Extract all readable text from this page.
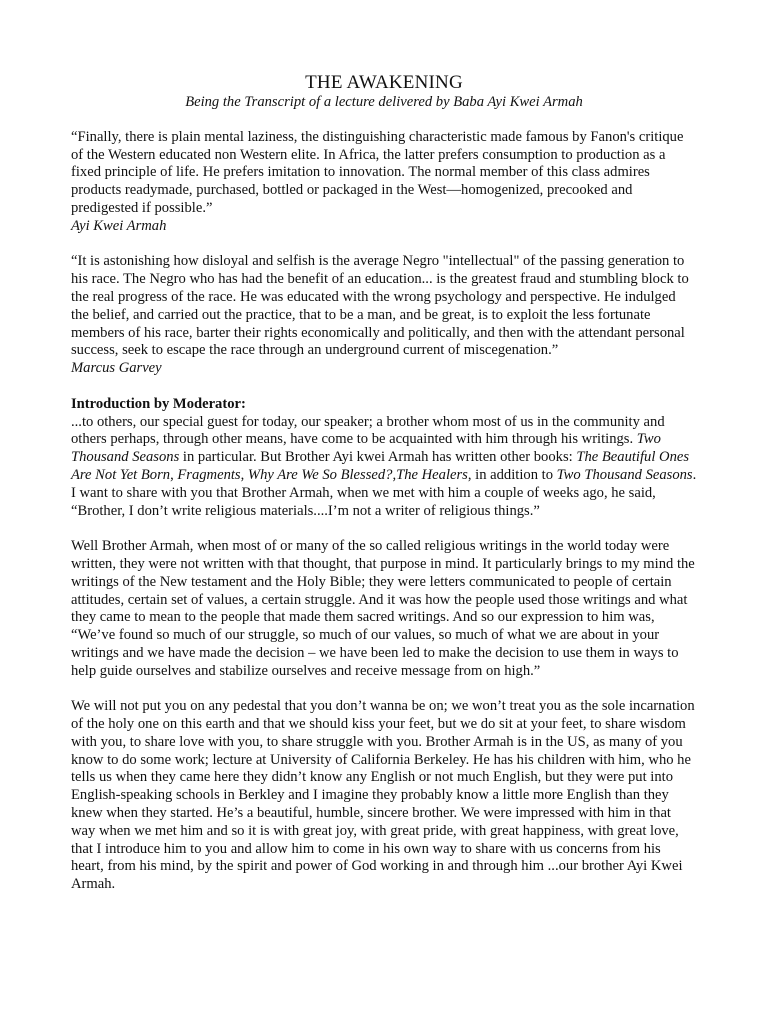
THE AWAKENING

Being the Transcript of a lecture delivered by Baba Ayi Kwei Armah

“Finally, there is plain mental laziness, the distinguishing characteristic made famous by Fanon's critique of the Western educated non Western elite. In Africa, the latter prefers consumption to production as a fixed principle of life. He prefers imitation to innovation. The normal member of this class admires products readymade, purchased, bottled or packaged in the West—homogenized, precooked and predigested if possible.”

Ayi Kwei Armah

“It is astonishing how disloyal and selfish is the average Negro "intellectual" of the passing generation to his race. The Negro who has had the benefit of an education... is the greatest fraud and stumbling block to the real progress of the race. He was educated with the wrong psychology and perspective. He indulged the belief, and carried out the practice, that to be a man, and be great, is to exploit the less fortunate members of his race, barter their rights economically and politically, and then with the attendant personal success, seek to escape the race through an underground current of miscegenation.”

Marcus Garvey

Introduction by Moderator:

...to others, our special guest for today, our speaker; a brother whom most of us in the community and others perhaps, through other means, have come to be acquainted with him through his writings. Two Thousand Seasons in particular. But Brother Ayi kwei Armah has written other books: The Beautiful Ones Are Not Yet Born, Fragments, Why Are We So Blessed?,The Healers, in addition to Two Thousand Seasons. I want to share with you that Brother Armah, when we met with him a couple of weeks ago, he said, “Brother, I don’t write religious materials....I’m not a writer of religious things.”

Well Brother Armah, when most of or many of the so called religious writings in the world today were written, they were not written with that thought, that purpose in mind. It particularly brings to my mind the writings of the New testament and the Holy Bible; they were letters communicated to people of certain attitudes, certain set of values, a certain struggle. And it was how the people used those writings and what they came to mean to the people that made them sacred writings. And so our expression to him was, “We’ve found so much of our struggle, so much of our values, so much of what we are about in your writings and we have made the decision – we have been led to make the decision to use them in ways to help guide ourselves and stabilize ourselves and receive message from on high.”

We will not put you on any pedestal that you don’t wanna be on; we won’t treat you as the sole incarnation of the holy one on this earth and that we should kiss your feet, but we do sit at your feet, to share wisdom with you, to share love with you, to share struggle with you. Brother Armah is in the US, as many of you know to do some work; lecture at University of California Berkeley. He has his children with him, who he tells us when they came here they didn’t know any English or not much English, but they were put into English-speaking schools in Berkley and I imagine they probably know a little more English than they knew when they started. He’s a beautiful, humble, sincere brother. We were impressed with him in that way when we met him and so it is with great joy, with great pride, with great happiness, with great love, that I introduce him to you and allow him to come in his own way to share with us concerns from his heart, from his mind, by the spirit and power of God working in and through him ...our brother Ayi Kwei Armah.
